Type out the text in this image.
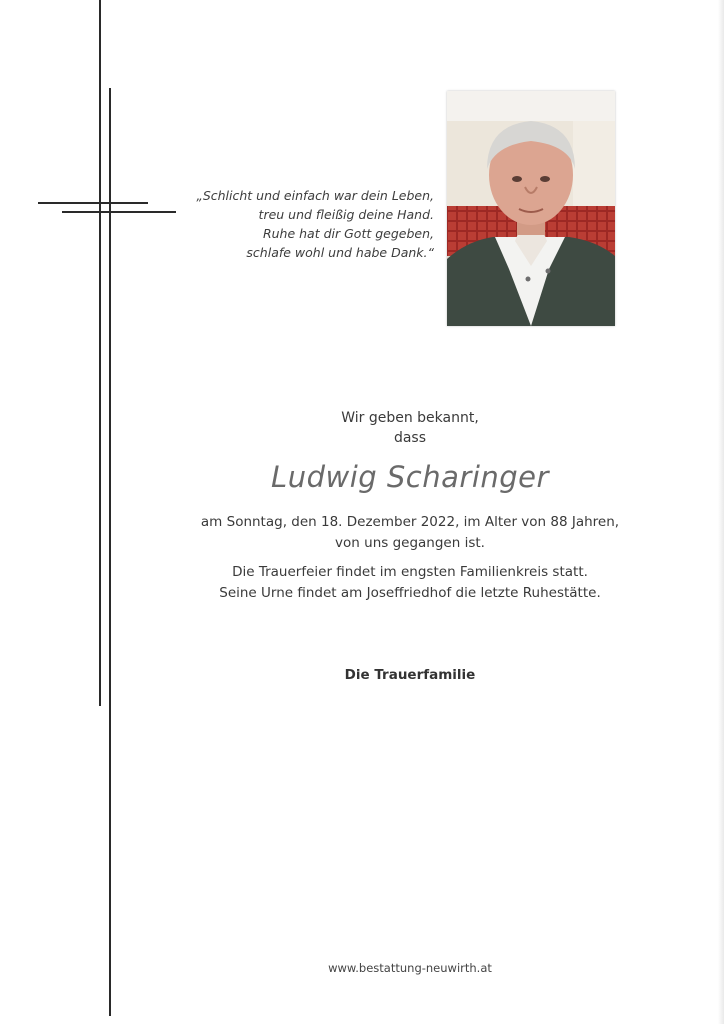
„Schlicht und einfach war dein Leben,
treu und fleißig deine Hand.
Ruhe hat dir Gott gegeben,
schlafe wohl und habe Dank.“
Wir geben bekannt,
dass
Ludwig Scharinger
am Sonntag, den 18. Dezember 2022, im Alter von 88 Jahren,
von uns gegangen ist.
Die Trauerfeier findet im engsten Familienkreis statt.
Seine Urne findet am Joseffriedhof die letzte Ruhestätte.
Die Trauerfamilie
www.bestattung-neuwirth.at
